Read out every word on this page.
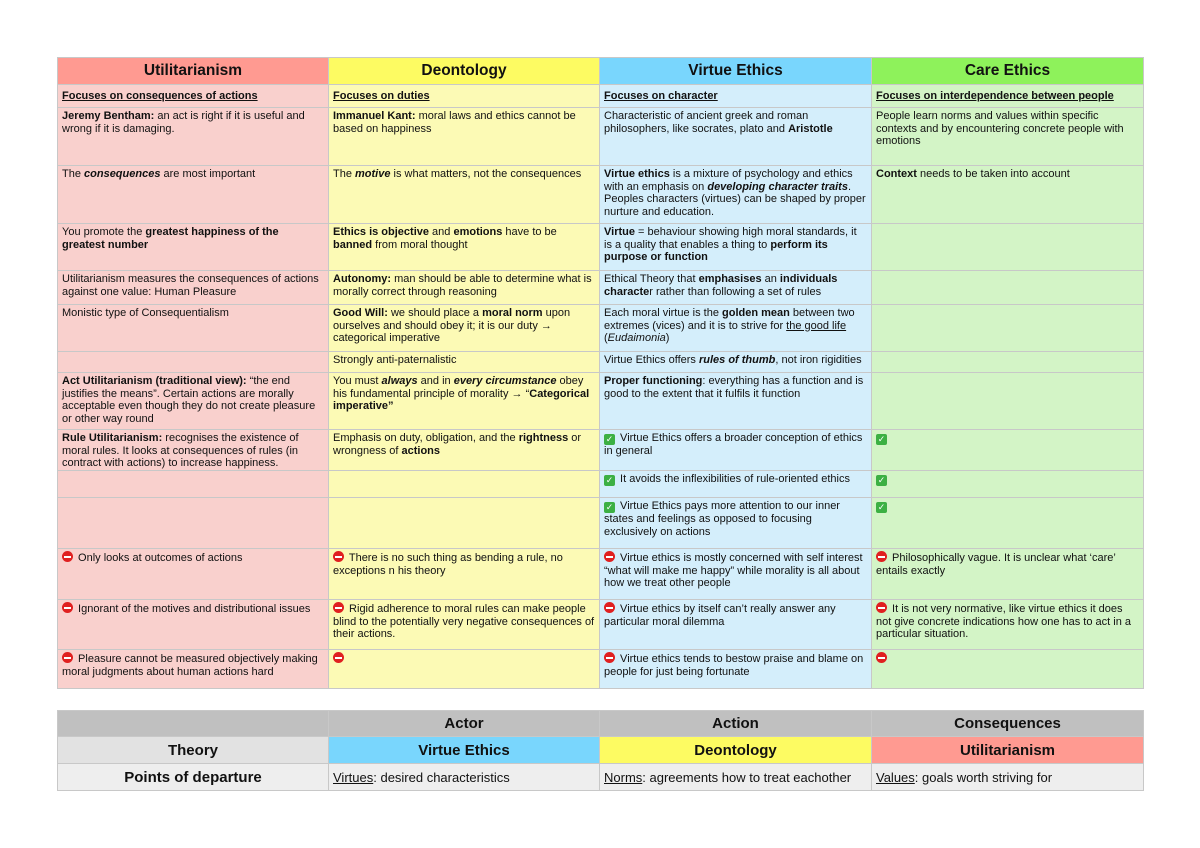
Utilitarianism	Deontology	Virtue Ethics	Care Ethics
Focuses on consequences of actions	Focuses on duties	Focuses on character	Focuses on interdependence between people
Jeremy Bentham: an act is right if it is useful and wrong if it is damaging.	Immanuel Kant: moral laws and ethics cannot be based on happiness	Characteristic of ancient greek and roman philosophers, like socrates, plato and Aristotle	People learn norms and values within specific contexts and by encountering concrete people with emotions
The consequences are most important	The motive is what matters, not the consequences	Virtue ethics is a mixture of psychology and ethics with an emphasis on developing character traits. Peoples characters (virtues) can be shaped by proper nurture and education.	Context needs to be taken into account
You promote the greatest happiness of the greatest number	Ethics is objective and emotions have to be banned from moral thought	Virtue = behaviour showing high moral standards, it is a quality that enables a thing to perform its purpose or function	
Utilitarianism measures the consequences of actions against one value: Human Pleasure	Autonomy: man should be able to determine what is morally correct through reasoning	Ethical Theory that emphasises an individuals character rather than following a set of rules	
Monistic type of Consequentialism	Good Will: we should place a moral norm upon ourselves and should obey it; it is our duty → categorical imperative	Each moral virtue is the golden mean between two extremes (vices) and it is to strive for the good life (Eudaimonia)	
	Strongly anti-paternalistic	Virtue Ethics offers rules of thumb, not iron rigidities	
Act Utilitarianism (traditional view): “the end justifies the means”. Certain actions are morally acceptable even though they do not create pleasure or other way round	You must always and in every circumstance obey his fundamental principle of morality → “Categorical imperative”	Proper functioning: everything has a function and is good to the extent that it fulfils it function	
Rule Utilitarianism: recognises the existence of moral rules. It looks at consequences of rules (in contract with actions) to increase happiness.	Emphasis on duty, obligation, and the rightness or wrongness of actions	✓ Virtue Ethics offers a broader conception of ethics in general	✓
		✓ It avoids the inflexibilities of rule-oriented ethics	✓
		✓ Virtue Ethics pays more attention to our inner states and feelings as opposed to focusing exclusively on actions	✓
Only looks at outcomes of actions	There is no such thing as bending a rule, no exceptions n his theory	Virtue ethics is mostly concerned with self interest “what will make me happy” while morality is all about how we treat other people	Philosophically vague. It is unclear what ‘care’ entails exactly
Ignorant of the motives and distributional issues	Rigid adherence to moral rules can make people blind to the potentially very negative consequences of their actions.	Virtue ethics by itself can’t really answer any particular moral dilemma	It is not very normative, like virtue ethics it does not give concrete indications how one has to act in a particular situation.
Pleasure cannot be measured objectively making moral judgments about human actions hard		Virtue ethics tends to bestow praise and blame on people for just being fortunate	
	Actor	Action	Consequences
Theory	Virtue Ethics	Deontology	Utilitarianism
Points of departure	Virtues: desired characteristics	Norms: agreements how to treat eachother	Values: goals worth striving for
